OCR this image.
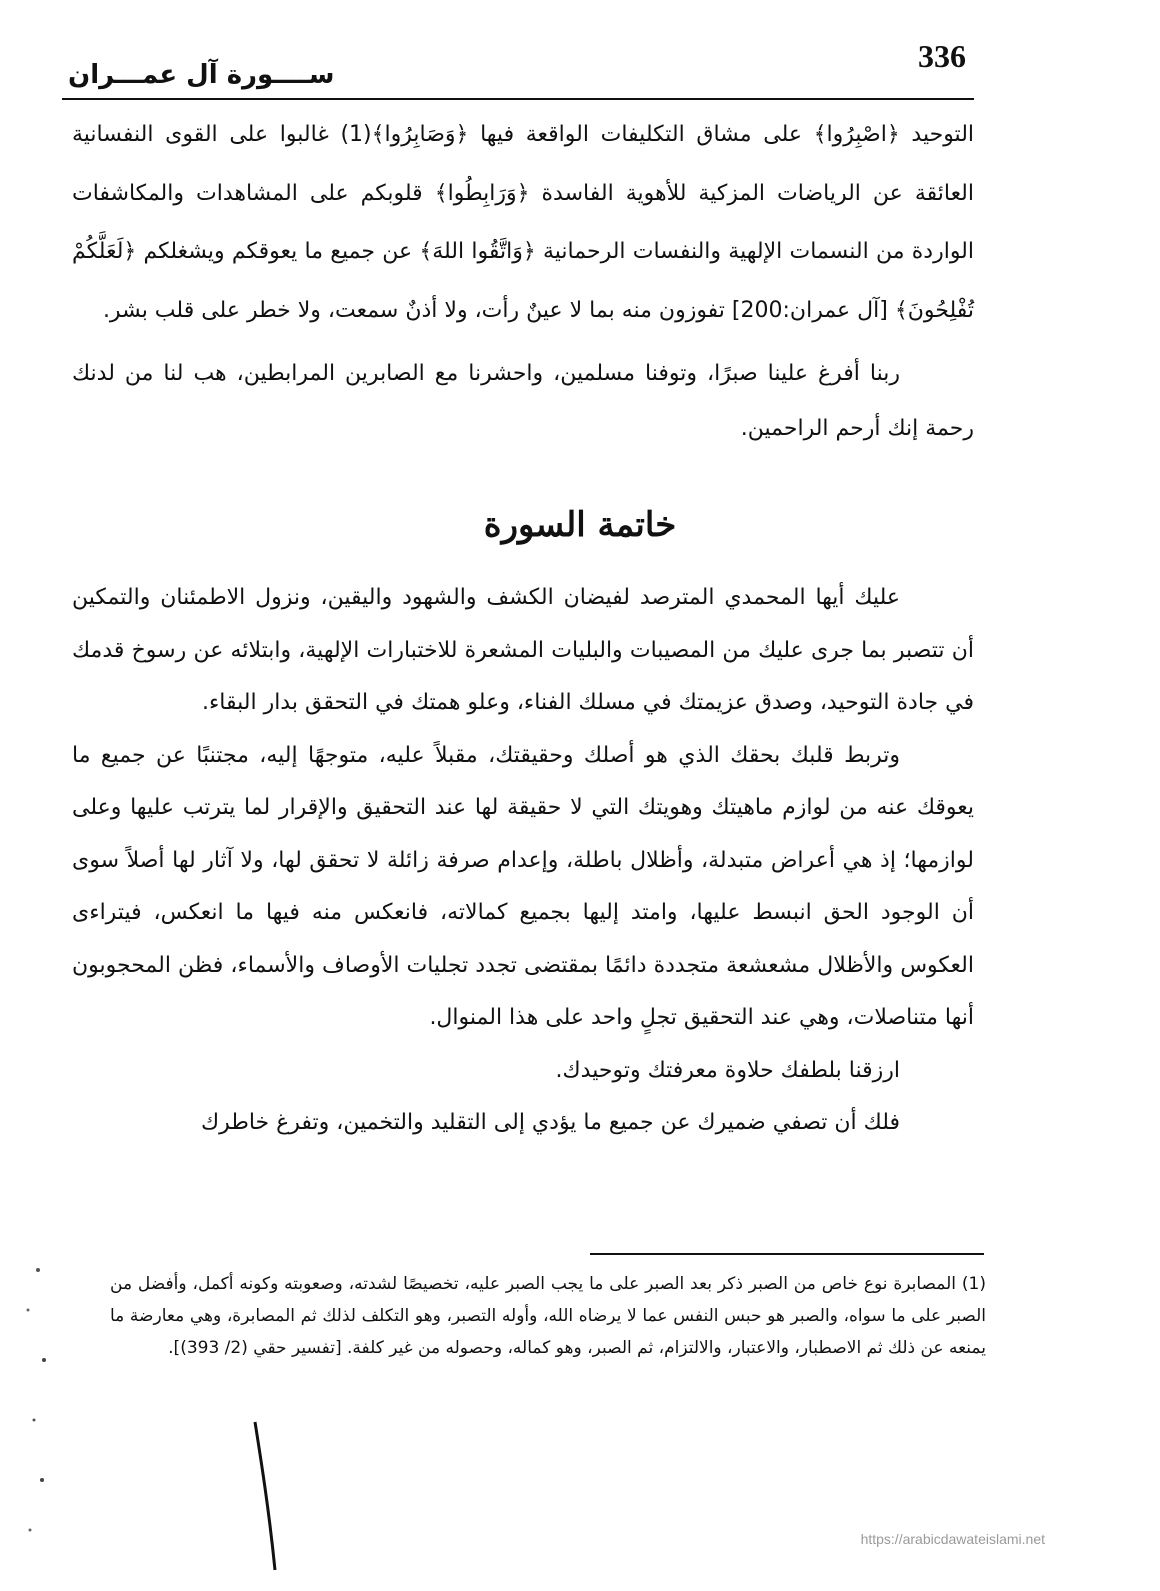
336
ســــورة آل عمـــران

التوحيد ﴿اصْبِرُوا﴾ على مشاق التكليفات الواقعة فيها ﴿وَصَابِرُوا﴾(1) غالبوا على القوى النفسانية العائقة عن الرياضات المزكية للأهوية الفاسدة ﴿وَرَابِطُوا﴾ قلوبكم على المشاهدات والمكاشفات الواردة من النسمات الإلهية والنفسات الرحمانية ﴿وَاتَّقُوا اللهَ﴾ عن جميع ما يعوقكم ويشغلكم ﴿لَعَلَّكُمْ تُفْلِحُونَ﴾ [آل عمران:200] تفوزون منه بما لا عينٌ رأت، ولا أذنٌ سمعت، ولا خطر على قلب بشر.

ربنا أفرغ علينا صبرًا، وتوفنا مسلمين، واحشرنا مع الصابرين المرابطين، هب لنا من لدنك رحمة إنك أرحم الراحمين.

خاتمة السورة

عليك أيها المحمدي المترصد لفيضان الكشف والشهود واليقين، ونزول الاطمئنان والتمكين أن تتصبر بما جرى عليك من المصيبات والبليات المشعرة للاختبارات الإلهية، وابتلائه عن رسوخ قدمك في جادة التوحيد، وصدق عزيمتك في مسلك الفناء، وعلو همتك في التحقق بدار البقاء.

وتربط قلبك بحقك الذي هو أصلك وحقيقتك، مقبلاً عليه، متوجهًا إليه، مجتنبًا عن جميع ما يعوقك عنه من لوازم ماهيتك وهويتك التي لا حقيقة لها عند التحقيق والإقرار لما يترتب عليها وعلى لوازمها؛ إذ هي أعراض متبدلة، وأظلال باطلة، وإعدام صرفة زائلة لا تحقق لها، ولا آثار لها أصلاً سوى أن الوجود الحق انبسط عليها، وامتد إليها بجميع كمالاته، فانعكس منه فيها ما انعكس، فيتراءى العكوس والأظلال مشعشعة متجددة دائمًا بمقتضى تجدد تجليات الأوصاف والأسماء، فظن المحجوبون أنها متناصلات، وهي عند التحقيق تجلٍ واحد على هذا المنوال.

ارزقنا بلطفك حلاوة معرفتك وتوحيدك.

فلك أن تصفي ضميرك عن جميع ما يؤدي إلى التقليد والتخمين، وتفرغ خاطرك

(1) المصابرة نوع خاص من الصبر ذكر بعد الصبر على ما يجب الصبر عليه، تخصيصًا لشدته، وصعوبته وكونه أكمل، وأفضل من الصبر على ما سواه، والصبر هو حبس النفس عما لا يرضاه الله، وأوله التصبر، وهو التكلف لذلك ثم المصابرة، وهي معارضة ما يمنعه عن ذلك ثم الاصطبار، والاعتبار، والالتزام، ثم الصبر، وهو كماله، وحصوله من غير كلفة. [تفسير حقي (2/ 393)].

https://arabicdawateislami.net
